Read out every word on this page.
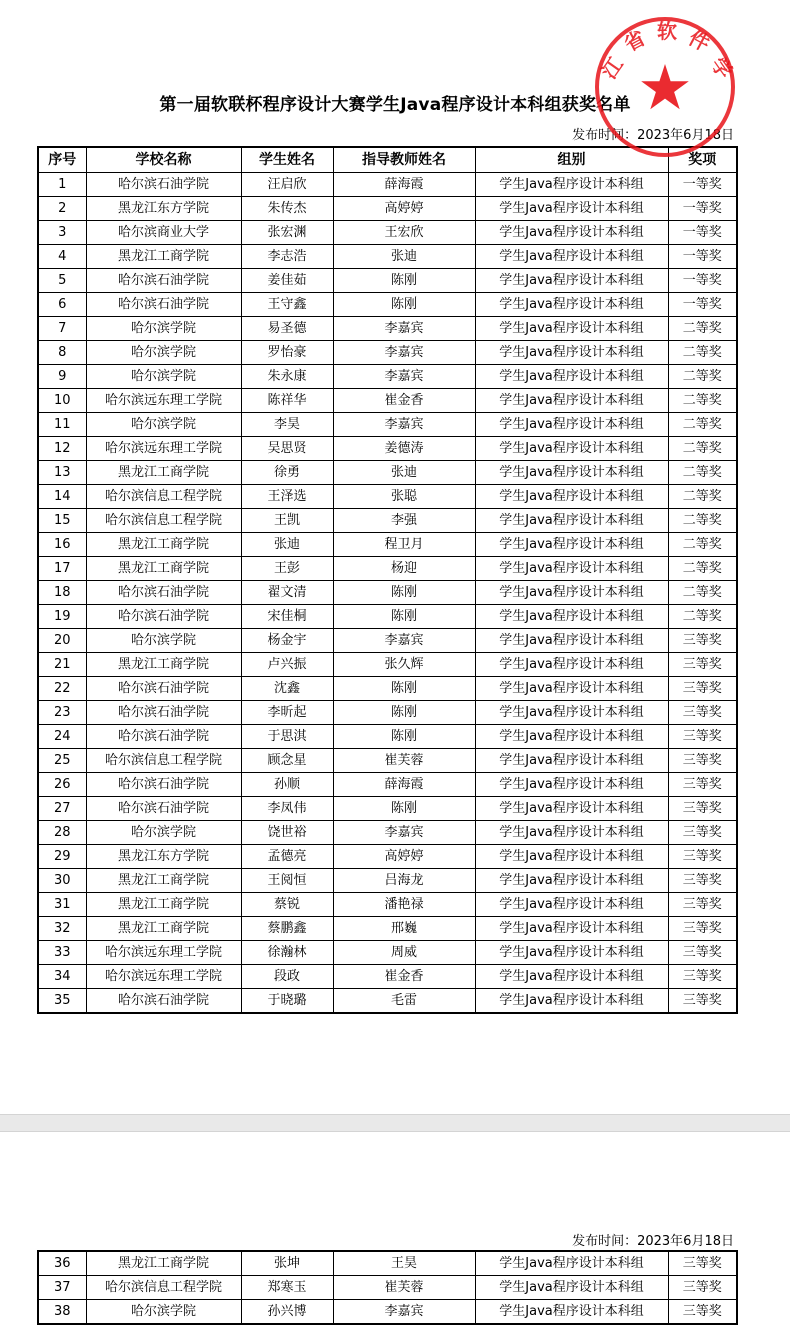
第一届软联杯程序设计大赛学生Java程序设计本科组获奖名单
发布时间：2023年6月18日
序号	学校名称	学生姓名	指导教师姓名	组别	奖项
1	哈尔滨石油学院	汪启欣	薛海霞	学生Java程序设计本科组	一等奖
2	黑龙江东方学院	朱传杰	高婷婷	学生Java程序设计本科组	一等奖
3	哈尔滨商业大学	张宏渊	王宏欣	学生Java程序设计本科组	一等奖
4	黑龙江工商学院	李志浩	张迪	学生Java程序设计本科组	一等奖
5	哈尔滨石油学院	姜佳茹	陈刚	学生Java程序设计本科组	一等奖
6	哈尔滨石油学院	王守鑫	陈刚	学生Java程序设计本科组	一等奖
7	哈尔滨学院	易圣德	李嘉宾	学生Java程序设计本科组	二等奖
8	哈尔滨学院	罗怡豪	李嘉宾	学生Java程序设计本科组	二等奖
9	哈尔滨学院	朱永康	李嘉宾	学生Java程序设计本科组	二等奖
10	哈尔滨远东理工学院	陈祥华	崔金香	学生Java程序设计本科组	二等奖
11	哈尔滨学院	李昊	李嘉宾	学生Java程序设计本科组	二等奖
12	哈尔滨远东理工学院	吴思贤	姜德涛	学生Java程序设计本科组	二等奖
13	黑龙江工商学院	徐勇	张迪	学生Java程序设计本科组	二等奖
14	哈尔滨信息工程学院	王泽选	张聪	学生Java程序设计本科组	二等奖
15	哈尔滨信息工程学院	王凯	李强	学生Java程序设计本科组	二等奖
16	黑龙江工商学院	张迪	程卫月	学生Java程序设计本科组	二等奖
17	黑龙江工商学院	王彭	杨迎	学生Java程序设计本科组	二等奖
18	哈尔滨石油学院	翟文清	陈刚	学生Java程序设计本科组	二等奖
19	哈尔滨石油学院	宋佳桐	陈刚	学生Java程序设计本科组	二等奖
20	哈尔滨学院	杨金宇	李嘉宾	学生Java程序设计本科组	三等奖
21	黑龙江工商学院	卢兴振	张久辉	学生Java程序设计本科组	三等奖
22	哈尔滨石油学院	沈鑫	陈刚	学生Java程序设计本科组	三等奖
23	哈尔滨石油学院	李昕起	陈刚	学生Java程序设计本科组	三等奖
24	哈尔滨石油学院	于思淇	陈刚	学生Java程序设计本科组	三等奖
25	哈尔滨信息工程学院	顾念星	崔芙蓉	学生Java程序设计本科组	三等奖
26	哈尔滨石油学院	孙顺	薛海霞	学生Java程序设计本科组	三等奖
27	哈尔滨石油学院	李凤伟	陈刚	学生Java程序设计本科组	三等奖
28	哈尔滨学院	饶世裕	李嘉宾	学生Java程序设计本科组	三等奖
29	黑龙江东方学院	孟德亮	高婷婷	学生Java程序设计本科组	三等奖
30	黑龙江工商学院	王阅恒	吕海龙	学生Java程序设计本科组	三等奖
31	黑龙江工商学院	蔡锐	潘艳禄	学生Java程序设计本科组	三等奖
32	黑龙江工商学院	蔡鹏鑫	邢巍	学生Java程序设计本科组	三等奖
33	哈尔滨远东理工学院	徐瀚林	周威	学生Java程序设计本科组	三等奖
34	哈尔滨远东理工学院	段政	崔金香	学生Java程序设计本科组	三等奖
35	哈尔滨石油学院	于晓璐	毛雷	学生Java程序设计本科组	三等奖
江
省 软 件
学
发布时间：2023年6月18日
36	黑龙江工商学院	张坤	王昊	学生Java程序设计本科组	三等奖
37	哈尔滨信息工程学院	郑寒玉	崔芙蓉	学生Java程序设计本科组	三等奖
38	哈尔滨学院	孙兴博	李嘉宾	学生Java程序设计本科组	三等奖
